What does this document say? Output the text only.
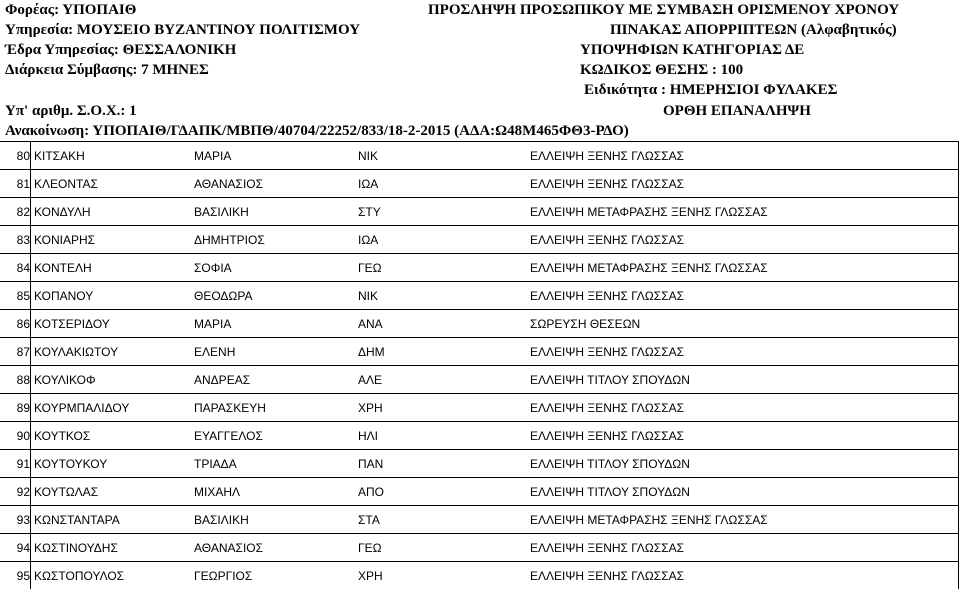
Φορέας: ΥΠΟΠΑΙΘ
Υπηρεσία: ΜΟΥΣΕΙΟ ΒΥΖΑΝΤΙΝΟΥ ΠΟΛΙΤΙΣΜΟΥ
Έδρα Υπηρεσίας: ΘΕΣΣΑΛΟΝΙΚΗ
Διάρκεια Σύμβασης: 7 ΜΗΝΕΣ
Υπ' αριθμ. Σ.Ο.Χ.: 1
Ανακοίνωση: ΥΠΟΠΑΙΘ/ΓΔΑΠΚ/ΜΒΠΘ/40704/22252/833/18-2-2015 (ΑΔΑ:Ω48Μ465ΦΘ3-ΡΔΟ)
ΠΡΟΣΛΗΨΗ ΠΡΟΣΩΠΙΚΟΥ ΜΕ ΣΥΜΒΑΣΗ ΟΡΙΣΜΕΝΟΥ ΧΡΟΝΟΥ
ΠΙΝΑΚΑΣ ΑΠΟΡΡΙΠΤΕΩΝ (Αλφαβητικός)
ΥΠΟΨΗΦΙΩΝ ΚΑΤΗΓΟΡΙΑΣ ΔΕ
ΚΩΔΙΚΟΣ ΘΕΣΗΣ : 100
Ειδικότητα : ΗΜΕΡΗΣΙΟΙ ΦΥΛΑΚΕΣ
ΟΡΘΗ ΕΠΑΝΑΛΗΨΗ
80 ΚΙΤΣΑΚΗ	ΜΑΡΙΑ	ΝΙΚ	ΕΛΛΕΙΨΗ ΞΕΝΗΣ ΓΛΩΣΣΑΣ
81 ΚΛΕΟΝΤΑΣ	ΑΘΑΝΑΣΙΟΣ	ΙΩΑ	ΕΛΛΕΙΨΗ ΞΕΝΗΣ ΓΛΩΣΣΑΣ
82 ΚΟΝΔΥΛΗ	ΒΑΣΙΛΙΚΗ	ΣΤΥ	ΕΛΛΕΙΨΗ ΜΕΤΑΦΡΑΣΗΣ ΞΕΝΗΣ ΓΛΩΣΣΑΣ
83 ΚΟΝΙΑΡΗΣ	ΔΗΜΗΤΡΙΟΣ	ΙΩΑ	ΕΛΛΕΙΨΗ ΞΕΝΗΣ ΓΛΩΣΣΑΣ
84 ΚΟΝΤΕΛΗ	ΣΟΦΙΑ	ΓΕΩ	ΕΛΛΕΙΨΗ ΜΕΤΑΦΡΑΣΗΣ ΞΕΝΗΣ ΓΛΩΣΣΑΣ
85 ΚΟΠΑΝΟΥ	ΘΕΟΔΩΡΑ	ΝΙΚ	ΕΛΛΕΙΨΗ ΞΕΝΗΣ ΓΛΩΣΣΑΣ
86 ΚΟΤΣΕΡΙΔΟΥ	ΜΑΡΙΑ	ΑΝΑ	ΣΩΡΕΥΣΗ ΘΕΣΕΩΝ
87 ΚΟΥΛΑΚΙΩΤΟΥ	ΕΛΕΝΗ	ΔΗΜ	ΕΛΛΕΙΨΗ ΞΕΝΗΣ ΓΛΩΣΣΑΣ
88 ΚΟΥΛΙΚΟΦ	ΑΝΔΡΕΑΣ	ΑΛΕ	ΕΛΛΕΙΨΗ ΤΙΤΛΟΥ ΣΠΟΥΔΩΝ
89 ΚΟΥΡΜΠΑΛΙΔΟΥ	ΠΑΡΑΣΚΕΥΗ	ΧΡΗ	ΕΛΛΕΙΨΗ ΞΕΝΗΣ ΓΛΩΣΣΑΣ
90 ΚΟΥΤΚΟΣ	ΕΥΑΓΓΕΛΟΣ	ΗΛΙ	ΕΛΛΕΙΨΗ ΞΕΝΗΣ ΓΛΩΣΣΑΣ
91 ΚΟΥΤΟΥΚΟΥ	ΤΡΙΑΔΑ	ΠΑΝ	ΕΛΛΕΙΨΗ ΤΙΤΛΟΥ ΣΠΟΥΔΩΝ
92 ΚΟΥΤΩΛΑΣ	ΜΙΧΑΗΛ	ΑΠΟ	ΕΛΛΕΙΨΗ ΤΙΤΛΟΥ ΣΠΟΥΔΩΝ
93 ΚΩΝΣΤΑΝΤΑΡΑ	ΒΑΣΙΛΙΚΗ	ΣΤΑ	ΕΛΛΕΙΨΗ ΜΕΤΑΦΡΑΣΗΣ ΞΕΝΗΣ ΓΛΩΣΣΑΣ
94 ΚΩΣΤΙΝΟΥΔΗΣ	ΑΘΑΝΑΣΙΟΣ	ΓΕΩ	ΕΛΛΕΙΨΗ ΞΕΝΗΣ ΓΛΩΣΣΑΣ
95 ΚΩΣΤΟΠΟΥΛΟΣ	ΓΕΩΡΓΙΟΣ	ΧΡΗ	ΕΛΛΕΙΨΗ ΞΕΝΗΣ ΓΛΩΣΣΑΣ
